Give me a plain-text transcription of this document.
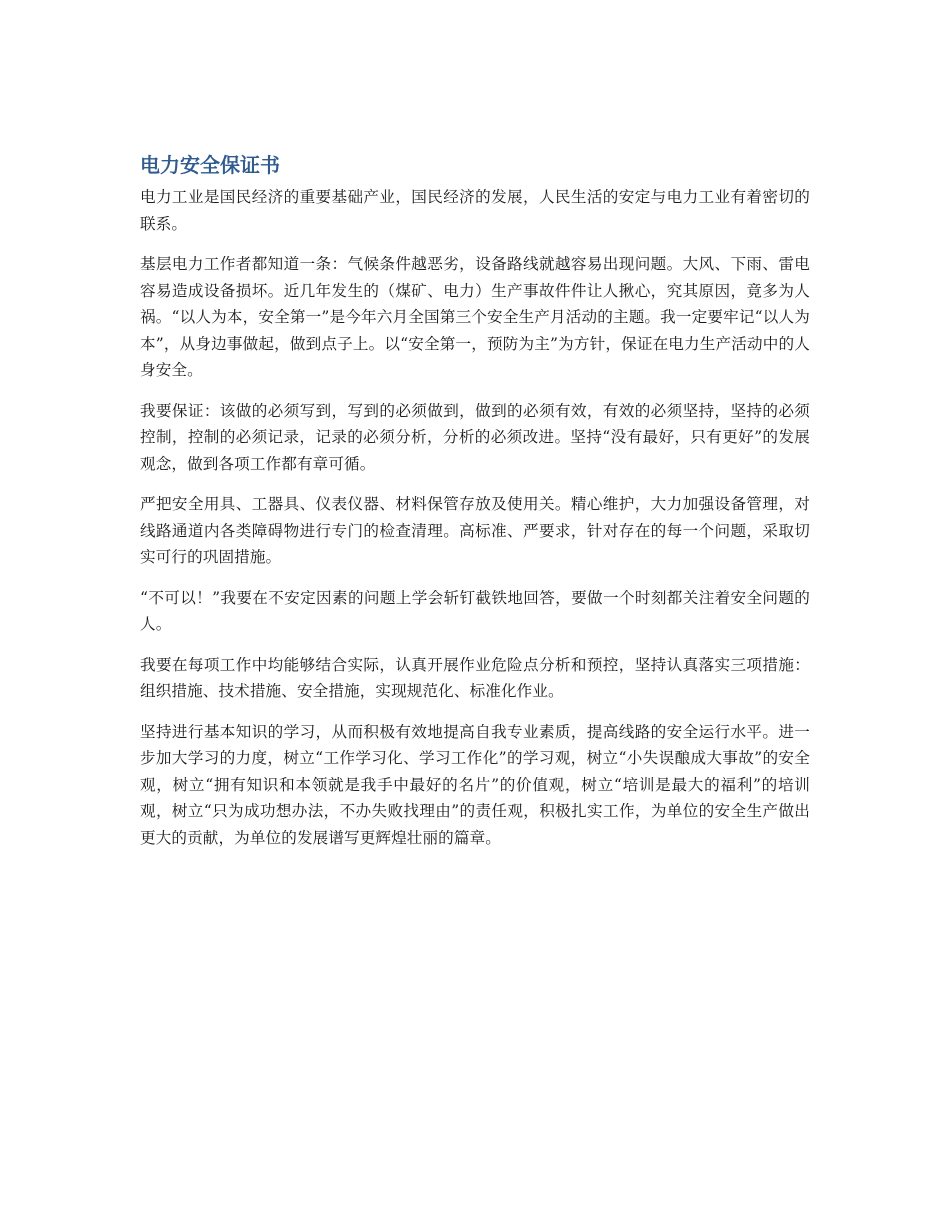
电力安全保证书

电力工业是国民经济的重要基础产业，国民经济的发展，人民生活的安定与电力工业有着密切的联系。

基层电力工作者都知道一条：气候条件越恶劣，设备路线就越容易出现问题。大风、下雨、雷电容易造成设备损坏。近几年发生的（煤矿、电力）生产事故件件让人揪心，究其原因，竟多为人祸。“以人为本，安全第一”是今年六月全国第三个安全生产月活动的主题。我一定要牢记“以人为本”，从身边事做起，做到点子上。以“安全第一，预防为主”为方针，保证在电力生产活动中的人身安全。

我要保证：该做的必须写到，写到的必须做到，做到的必须有效，有效的必须坚持，坚持的必须控制，控制的必须记录，记录的必须分析，分析的必须改进。坚持“没有最好，只有更好”的发展观念，做到各项工作都有章可循。

严把安全用具、工器具、仪表仪器、材料保管存放及使用关。精心维护，大力加强设备管理，对线路通道内各类障碍物进行专门的检查清理。高标准、严要求，针对存在的每一个问题，采取切实可行的巩固措施。

“不可以！”我要在不安定因素的问题上学会斩钉截铁地回答，要做一个时刻都关注着安全问题的人。

我要在每项工作中均能够结合实际，认真开展作业危险点分析和预控，坚持认真落实三项措施：组织措施、技术措施、安全措施，实现规范化、标准化作业。

坚持进行基本知识的学习，从而积极有效地提高自我专业素质，提高线路的安全运行水平。进一步加大学习的力度，树立“工作学习化、学习工作化”的学习观，树立“小失误酿成大事故”的安全观，树立“拥有知识和本领就是我手中最好的名片”的价值观，树立“培训是最大的福利”的培训观，树立“只为成功想办法，不办失败找理由”的责任观，积极扎实工作，为单位的安全生产做出更大的贡献，为单位的发展谱写更辉煌壮丽的篇章。
